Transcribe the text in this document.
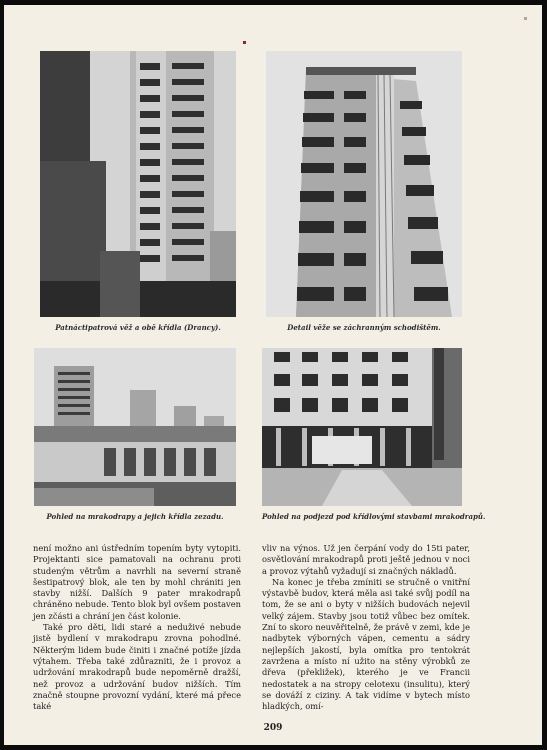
Patnáctipatrová věž a obě křídla (Drancy).	Detail věže se záchranným schodištěm.
Pohled na mrakodrapy a jejich křídla zezadu.	Pohled na podjezd pod křídlovými stavbami mrakodrapů.

není možno ani ústředním topením byty vytopiti. Projektanti sice pamatovali na ochranu proti studeným větrům a navrhli na severní straně šestipatrový blok, ale ten by mohl chrániti jen stavby nižší. Dalších 9 pater mrakodrapů chráněno nebude. Tento blok byl ovšem postaven jen zčásti a chrání jen část kolonie.

Také pro děti, lidi staré a neduživé nebude jistě bydlení v mrakodrapu zrovna pohodlné. Některým lidem bude činiti i značné potíže jízda výtahem. Třeba také zdůrazniti, že i provoz a udržování mrakodrapů bude nepoměrně dražší, než provoz a udržování budov nižších. Tím značně stoupne provozní vydání, které má přece také

vliv na výnos. Už jen čerpání vody do 15ti pater, osvětlování mrakodrapů proti ještě jednou v noci a provoz výtahů vyžadují si značných nákladů.

Na konec je třeba zmíniti se stručně o vnitřní výstavbě budov, která měla asi také svůj podíl na tom, že se ani o byty v nižších budovách nejevil velký zájem. Stavby jsou totiž vůbec bez omítek. Zní to skoro neuvěřitelně, že právě v zemi, kde je nadbytek výborných vápen, cementu a sádry nejlepších jakostí, byla omítka pro tentokrát zavržena a místo ní užito na stěny výrobků ze dřeva (překližek), kterého je ve Francii nedostatek a na stropy celotexu (insulitu), který se dováží z ciziny. A tak vidíme v bytech místo hladkých, omí-

209
